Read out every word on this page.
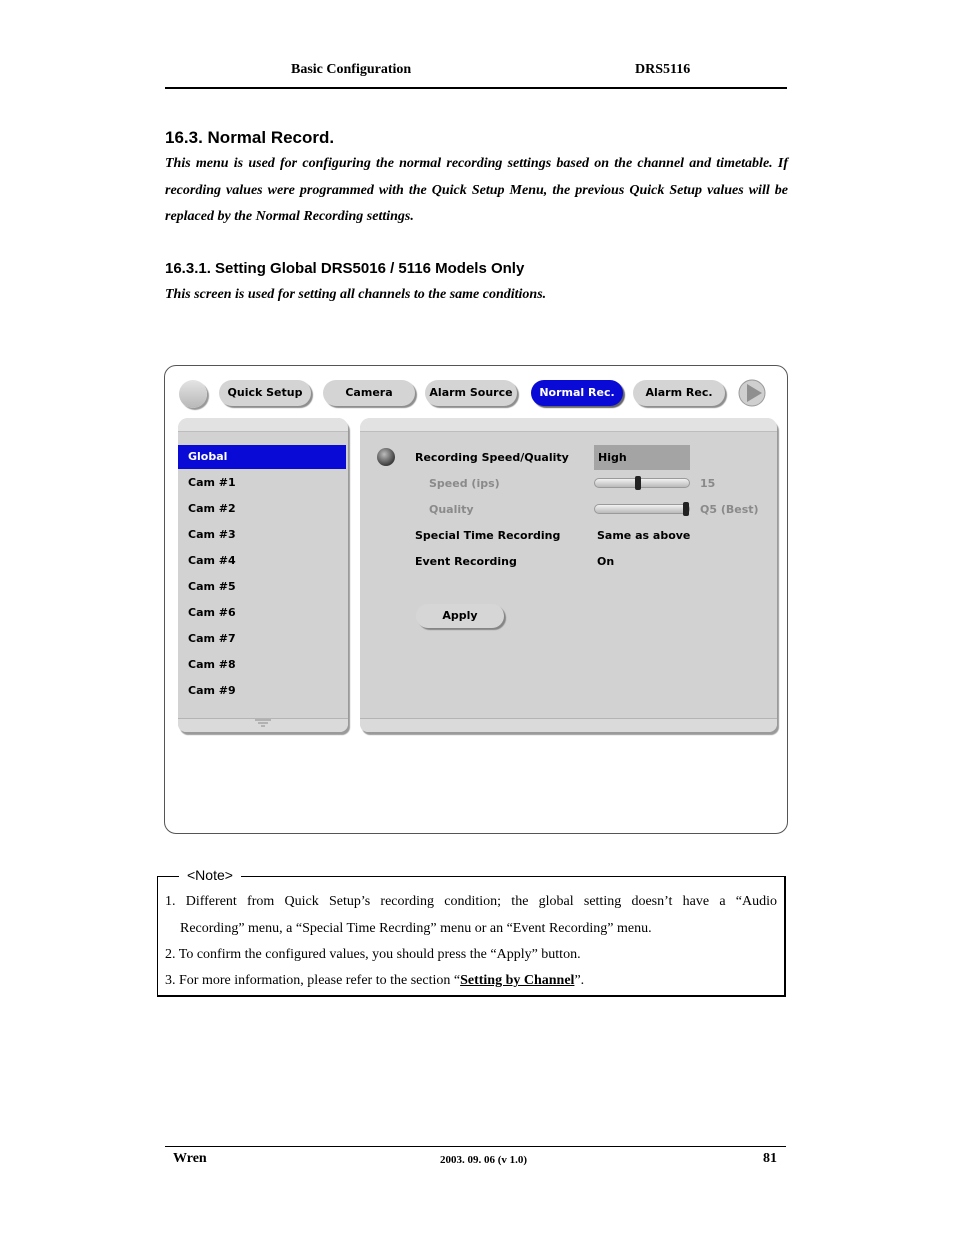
Basic Configuration	DRS5116
16.3. Normal Record.
This menu is used for configuring the normal recording settings based on the channel and timetable. If recording values were programmed with the Quick Setup Menu, the previous Quick Setup values will be replaced by the Normal Recording settings.
16.3.1. Setting Global DRS5016 / 5116 Models Only
This screen is used for setting all channels to the same conditions.
Quick Setup	Camera	Alarm Source	Normal Rec.	Alarm Rec.
Global
Cam #1
Cam #2
Cam #3
Cam #4
Cam #5
Cam #6
Cam #7
Cam #8
Cam #9
Recording Speed/Quality	High
Speed (ips)	15
Quality	Q5 (Best)
Special Time Recording	Same as above
Event Recording	On
Apply
<Note>
1. Different from Quick Setup’s recording condition; the global setting doesn’t have a “Audio
Recording” menu, a “Special Time Recrding” menu or an “Event Recording” menu.
2. To confirm the configured values, you should press the “Apply” button.
3. For more information, please refer to the section “Setting by Channel”.
Wren	2003. 09. 06 (v 1.0)	81
